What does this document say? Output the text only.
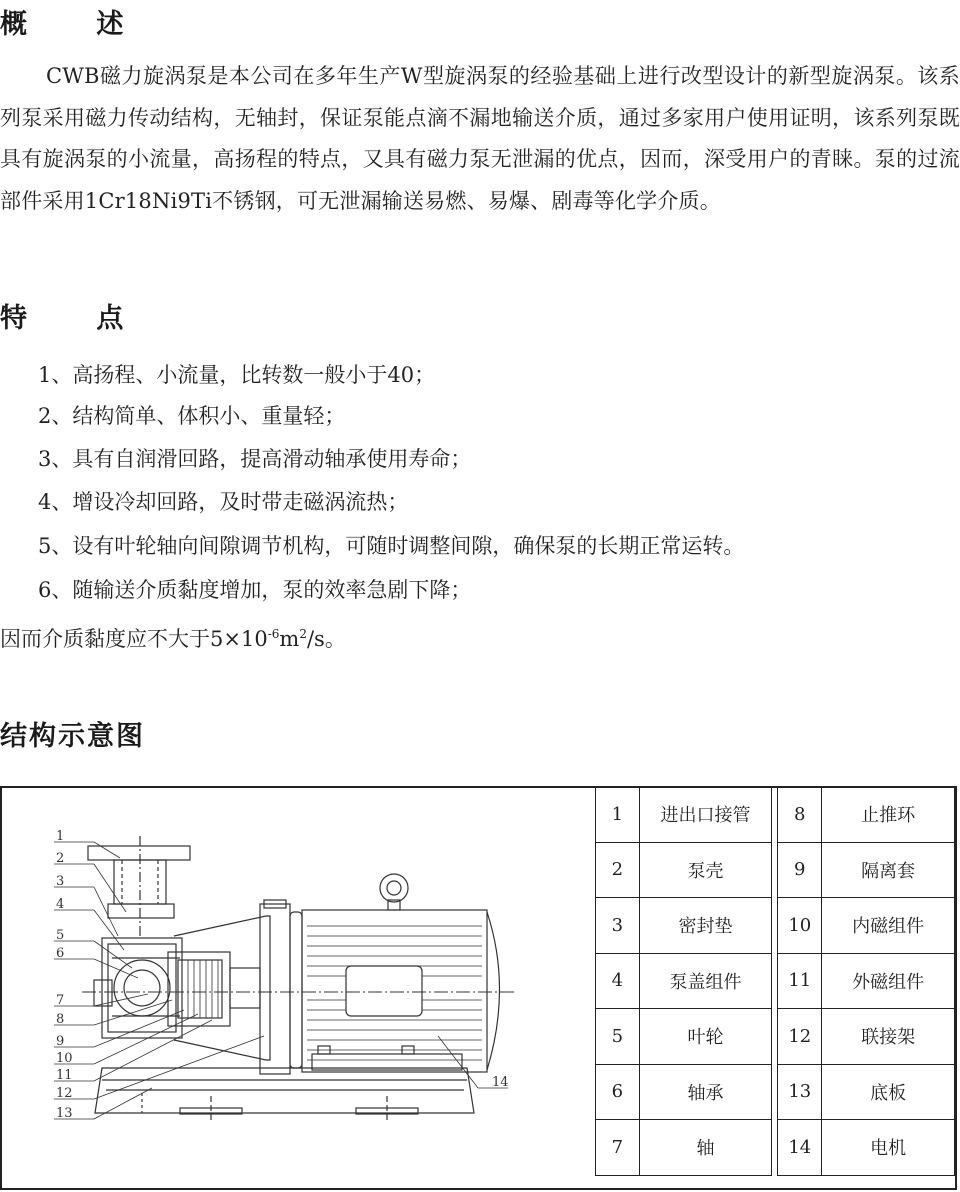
概 述
CWB磁力旋涡泵是本公司在多年生产W型旋涡泵的经验基础上进行改型设计的新型旋涡泵。该系列泵采用磁力传动结构，无轴封，保证泵能点滴不漏地输送介质，通过多家用户使用证明，该系列泵既具有旋涡泵的小流量，高扬程的特点，又具有磁力泵无泄漏的优点，因而，深受用户的青睐。泵的过流部件采用1Cr18Ni9Ti不锈钢，可无泄漏输送易燃、易爆、剧毒等化学介质。
特 点
1、高扬程、小流量，比转数一般小于40；
2、结构简单、体积小、重量轻；
3、具有自润滑回路，提高滑动轴承使用寿命；
4、增设冷却回路，及时带走磁涡流热；
5、设有叶轮轴向间隙调节机构，可随时调整间隙，确保泵的长期正常运转。
6、随输送介质黏度增加，泵的效率急剧下降；
因而介质黏度应不大于$5\times 10^{-6}m^2/s$。
结构示意图
1
2
3
4
5
6
7
8
9
10
11
12
13
14
1	进出口接管		8	止推环
2	泵壳		9	隔离套
3	密封垫		10	内磁组件
4	泵盖组件		11	外磁组件
5	叶轮		12	联接架
6	轴承		13	底板
7	轴		14	电机
